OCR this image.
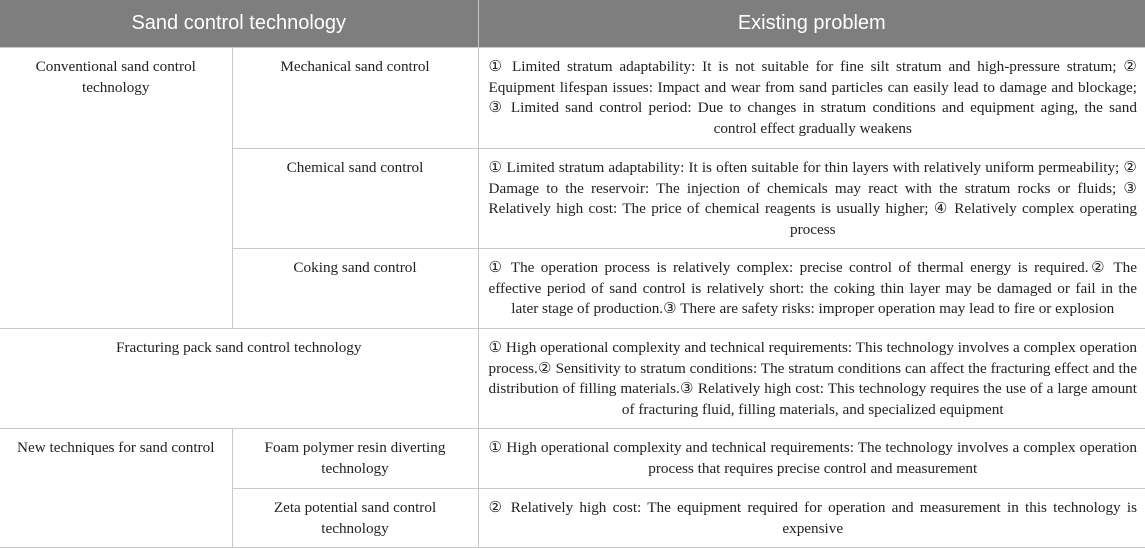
Sand control technology		Existing problem
Conventional sand control technology	Mechanical sand control	① Limited stratum adaptability: It is not suitable for fine silt stratum and high-pressure stratum; ② Equipment lifespan issues: Impact and wear from sand particles can easily lead to damage and blockage; ③ Limited sand control period: Due to changes in stratum conditions and equipment aging, the sand control effect gradually weakens
	Chemical sand control	① Limited stratum adaptability: It is often suitable for thin layers with relatively uniform permeability; ② Damage to the reservoir: The injection of chemicals may react with the stratum rocks or fluids; ③ Relatively high cost: The price of chemical reagents is usually higher; ④ Relatively complex operating process
	Coking sand control	① The operation process is relatively complex: precise control of thermal energy is required.② The effective period of sand control is relatively short: the coking thin layer may be damaged or fail in the later stage of production.③ There are safety risks: improper operation may lead to fire or explosion
Fracturing pack sand control technology		① High operational complexity and technical requirements: This technology involves a complex operation process.② Sensitivity to stratum conditions: The stratum conditions can affect the fracturing effect and the distribution of filling materials.③ Relatively high cost: This technology requires the use of a large amount of fracturing fluid, filling materials, and specialized equipment
New techniques for sand control	Foam polymer resin diverting technology	① High operational complexity and technical requirements: The technology involves a complex operation process that requires precise control and measurement
	Zeta potential sand control technology	② Relatively high cost: The equipment required for operation and measurement in this technology is expensive
